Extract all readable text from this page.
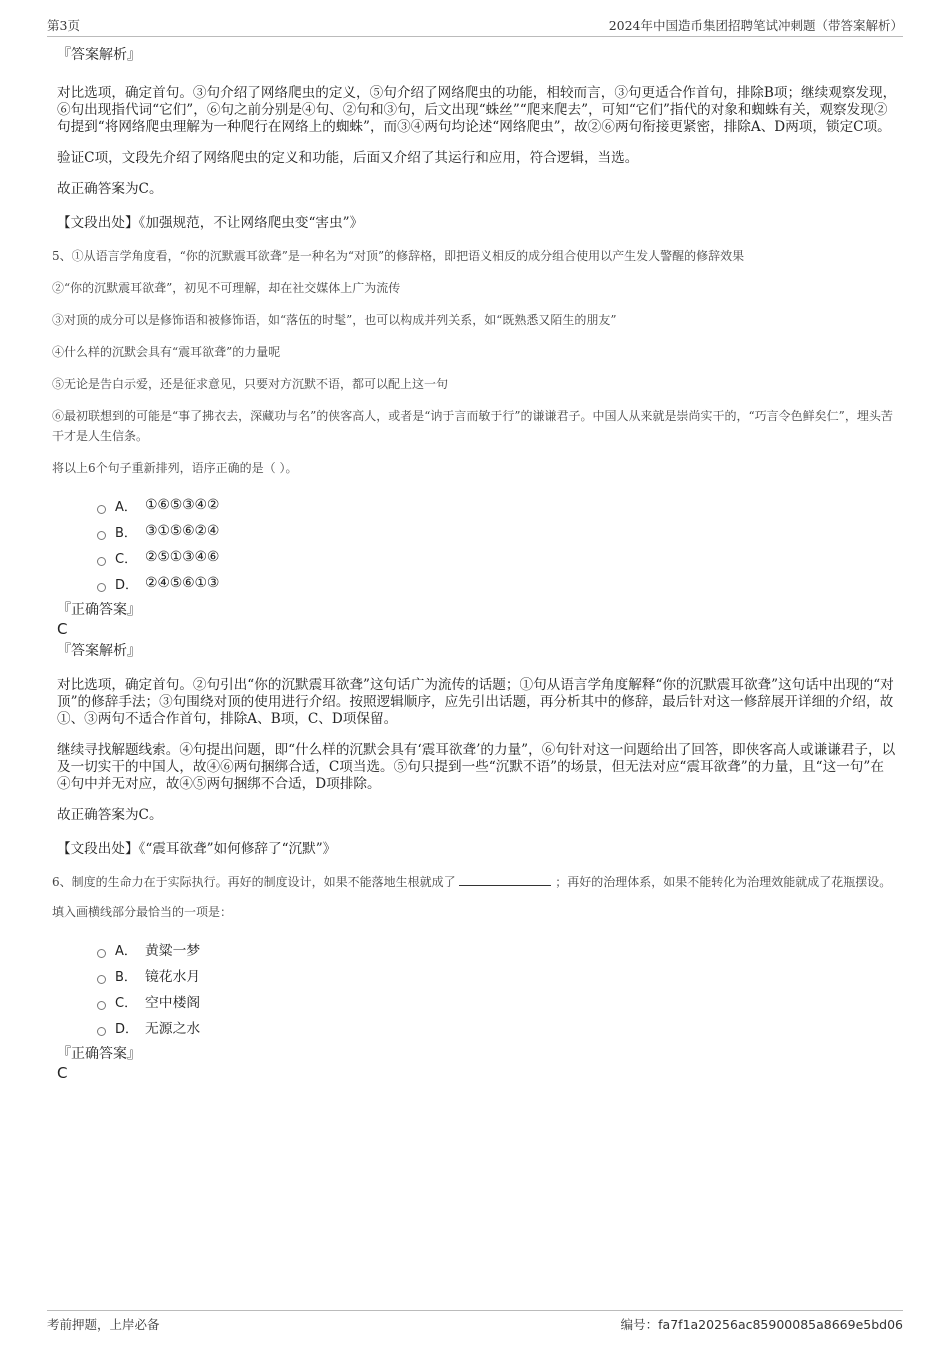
第3页	2024年中国造币集团招聘笔试冲刺题（带答案解析）

『答案解析』

对比选项，确定首句。③句介绍了网络爬虫的定义，⑤句介绍了网络爬虫的功能，相较而言，③句更适合作首句，排除B项；继续观察发现，⑥句出现指代词“它们”，⑥句之前分别是④句、②句和③句，后文出现“蛛丝”“爬来爬去”，可知“它们”指代的对象和蜘蛛有关，观察发现②句提到“将网络爬虫理解为一种爬行在网络上的蜘蛛”，而③④两句均论述“网络爬虫”，故②⑥两句衔接更紧密，排除A、D两项，锁定C项。

验证C项，文段先介绍了网络爬虫的定义和功能，后面又介绍了其运行和应用，符合逻辑，当选。

故正确答案为C。

【文段出处】《加强规范，不让网络爬虫变“害虫”》

5、①从语言学角度看，“你的沉默震耳欲聋”是一种名为“对顶”的修辞格，即把语义相反的成分组合使用以产生发人警醒的修辞效果

②“你的沉默震耳欲聋”，初见不可理解，却在社交媒体上广为流传

③对顶的成分可以是修饰语和被修饰语，如“落伍的时髦”，也可以构成并列关系，如“既熟悉又陌生的朋友”

④什么样的沉默会具有“震耳欲聋”的力量呢

⑤无论是告白示爱，还是征求意见，只要对方沉默不语，都可以配上这一句

⑥最初联想到的可能是“事了拂衣去，深藏功与名”的侠客高人，或者是“讷于言而敏于行”的谦谦君子。中国人从来就是崇尚实干的，“巧言令色鲜矣仁”，埋头苦干才是人生信条。

将以上6个句子重新排列，语序正确的是（ ）。

A． ①⑥⑤③④②
B． ③①⑤⑥②④
C． ②⑤①③④⑥
D． ②④⑤⑥①③

『正确答案』

C

『答案解析』

对比选项，确定首句。②句引出“你的沉默震耳欲聋”这句话广为流传的话题；①句从语言学角度解释“你的沉默震耳欲聋”这句话中出现的“对顶”的修辞手法；③句围绕对顶的使用进行介绍。按照逻辑顺序，应先引出话题，再分析其中的修辞，最后针对这一修辞展开详细的介绍，故①、③两句不适合作首句，排除A、B项，C、D项保留。

继续寻找解题线索。④句提出问题，即“什么样的沉默会具有‘震耳欲聋’的力量”，⑥句针对这一问题给出了回答，即侠客高人或谦谦君子，以及一切实干的中国人，故④⑥两句捆绑合适，C项当选。⑤句只提到一些“沉默不语”的场景，但无法对应“震耳欲聋”的力量，且“这一句”在④句中并无对应，故④⑤两句捆绑不合适，D项排除。

故正确答案为C。

【文段出处】《“震耳欲聋”如何修辞了“沉默”》

6、制度的生命力在于实际执行。再好的制度设计，如果不能落地生根就成了	；再好的治理体系，如果不能转化为治理效能就成了花瓶摆设。

填入画横线部分最恰当的一项是：

A． 黄粱一梦
B． 镜花水月
C． 空中楼阁
D． 无源之水

『正确答案』

C

考前押题，上岸必备	编号：fa7f1a20256ac85900085a8669e5bd06
